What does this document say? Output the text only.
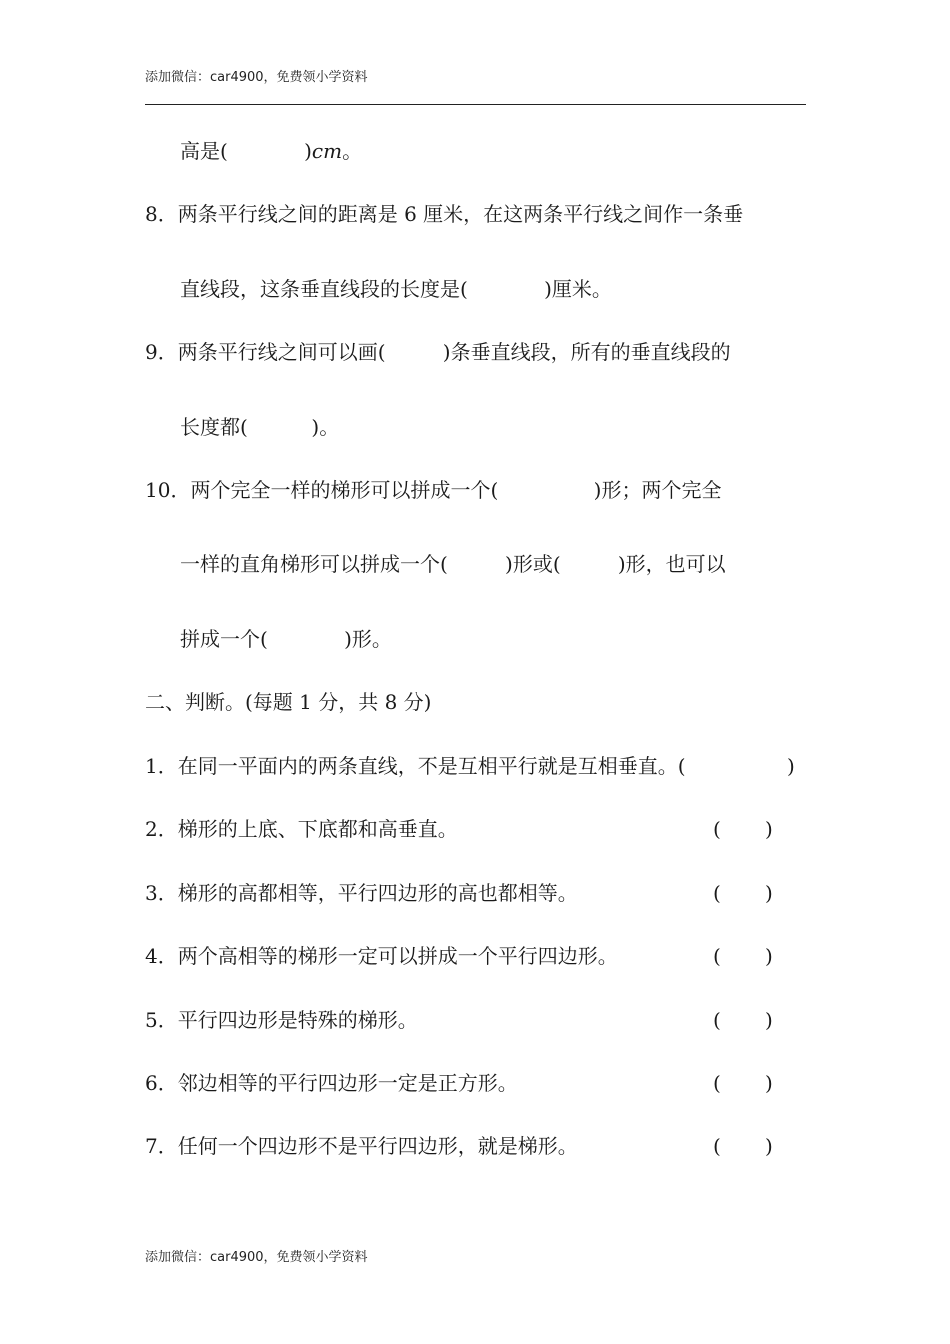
添加微信：car4900，免费领小学资料
高是(	)cm。
8．两条平行线之间的距离是 6 厘米，在这两条平行线之间作一条垂
直线段，这条垂直线段的长度是(	)厘米。
9．两条平行线之间可以画(	)条垂直线段，所有的垂直线段的
长度都(	)。
10．两个完全一样的梯形可以拼成一个(	)形；两个完全
一样的直角梯形可以拼成一个(	)形或(	)形，也可以
拼成一个(	)形。
二、判断。(每题 1 分，共 8 分)
1．在同一平面内的两条直线，不是互相平行就是互相垂直。(	)
2．梯形的上底、下底都和高垂直。	( )
3．梯形的高都相等，平行四边形的高也都相等。	( )
4．两个高相等的梯形一定可以拼成一个平行四边形。	( )
5．平行四边形是特殊的梯形。	( )
6．邻边相等的平行四边形一定是正方形。	( )
7．任何一个四边形不是平行四边形，就是梯形。	( )
添加微信：car4900，免费领小学资料
